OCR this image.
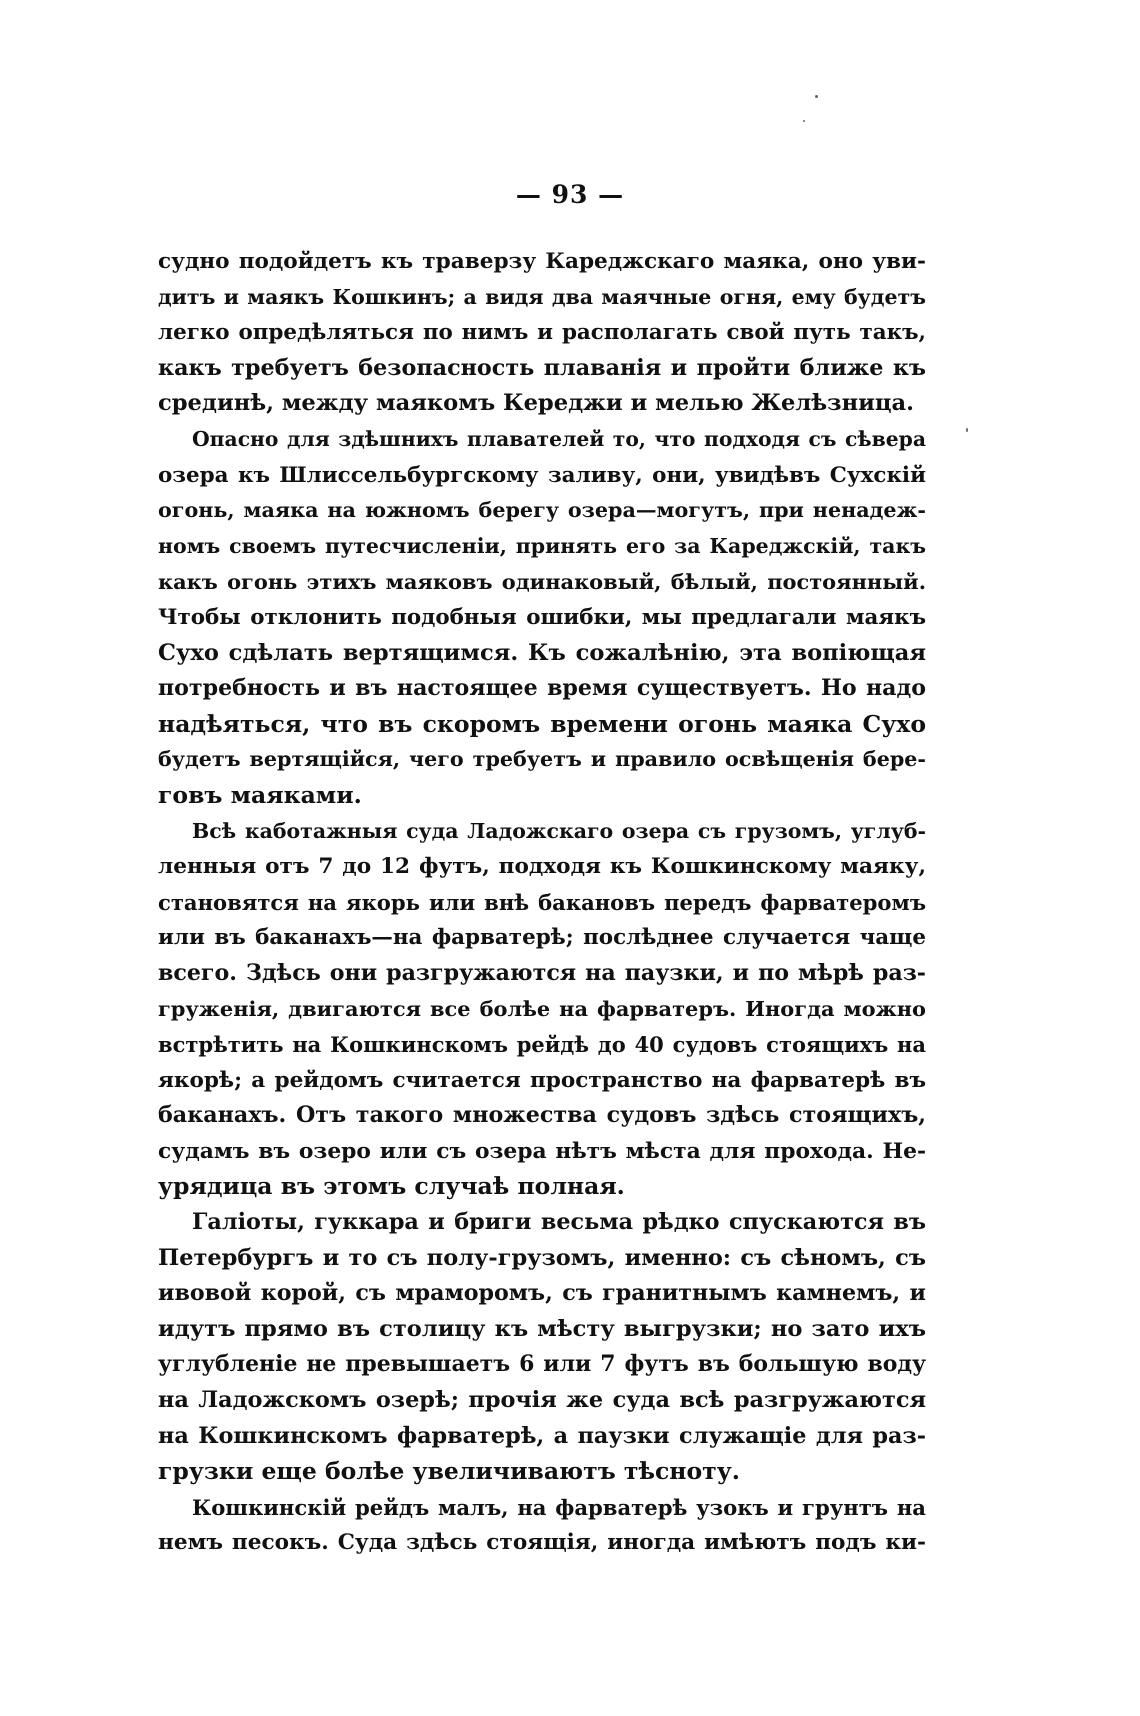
— 93 —
судно подойдетъ къ траверзу Кареджскаго маяка, оно уви-
дитъ и маякъ Кошкинъ; а видя два маячные огня, ему будетъ
легко опредѣляться по нимъ и располагать свой путь такъ,
какъ требуетъ безопасность плаванія и пройти ближе къ
срединѣ, между маякомъ Кереджи и мелью Желѣзница.
Опасно для здѣшнихъ плавателей то, что подходя съ сѣвера
озера къ Шлиссельбургскому заливу, они, увидѣвъ Сухскій
огонь, маяка на южномъ берегу озера—могутъ, при ненадеж-
номъ своемъ путесчисленіи, принять его за Кареджскій, такъ
какъ огонь этихъ маяковъ одинаковый, бѣлый, постоянный.
Чтобы отклонить подобныя ошибки, мы предлагали маякъ
Сухо сдѣлать вертящимся. Къ сожалѣнію, эта вопіющая
потребность и въ настоящее время существуетъ. Но надо
надѣяться, что въ скоромъ времени огонь маяка Сухо
будетъ вертящійся, чего требуетъ и правило освѣщенія бере-
говъ маяками.
Всѣ каботажныя суда Ладожскаго озера съ грузомъ, углуб-
ленныя отъ 7 до 12 футъ, подходя къ Кошкинскому маяку,
становятся на якорь или внѣ бакановъ передъ фарватеромъ
или въ баканахъ—на фарватерѣ; послѣднее случается чаще
всего. Здѣсь они разгружаются на паузки, и по мѣрѣ раз-
груженія, двигаются все болѣе на фарватеръ. Иногда можно
встрѣтить на Кошкинскомъ рейдѣ до 40 судовъ стоящихъ на
якорѣ; а рейдомъ считается пространство на фарватерѣ въ
баканахъ. Отъ такого множества судовъ здѣсь стоящихъ,
судамъ въ озеро или съ озера нѣтъ мѣста для прохода. Не-
урядица въ этомъ случаѣ полная.
Галіоты, гуккара и бриги весьма рѣдко спускаются въ
Петербургъ и то съ полу-грузомъ, именно: съ сѣномъ, съ
ивовой корой, съ мраморомъ, съ гранитнымъ камнемъ, и
идутъ прямо въ столицу къ мѣсту выгрузки; но зато ихъ
углубленіе не превышаетъ 6 или 7 футъ въ большую воду
на Ладожскомъ озерѣ; прочія же суда всѣ разгружаются
на Кошкинскомъ фарватерѣ, а паузки служащіе для раз-
грузки еще болѣе увеличиваютъ тѣсноту.
Кошкинскій рейдъ малъ, на фарватерѣ узокъ и грунтъ на
немъ песокъ. Суда здѣсь стоящія, иногда имѣютъ подъ ки-
